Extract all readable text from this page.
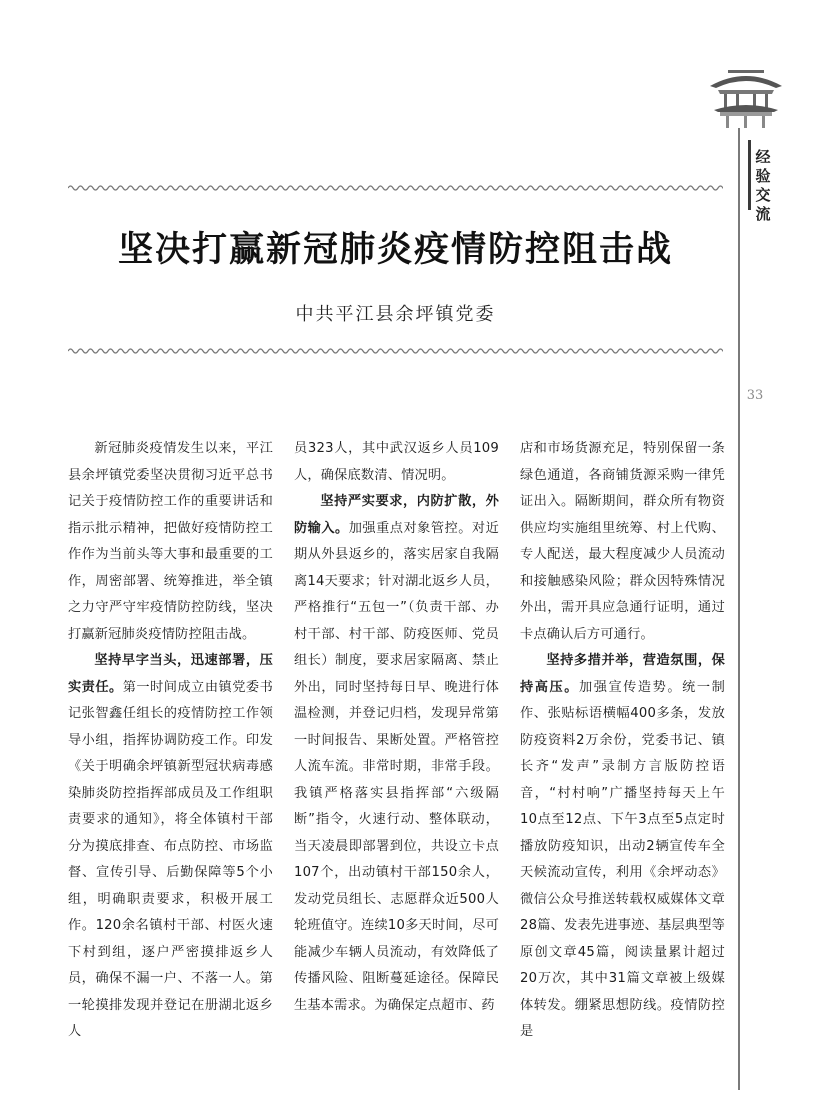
坚决打赢新冠肺炎疫情防控阻击战
中共平江县余坪镇党委
经验交流
33

新冠肺炎疫情发生以来，平江县余坪镇党委坚决贯彻习近平总书记关于疫情防控工作的重要讲话和指示批示精神，把做好疫情防控工作作为当前头等大事和最重要的工作，周密部署、统筹推进，举全镇之力守严守牢疫情防控防线，坚决打赢新冠肺炎疫情防控阻击战。

坚持早字当头，迅速部署，压实责任。第一时间成立由镇党委书记张智鑫任组长的疫情防控工作领导小组，指挥协调防疫工作。印发《关于明确余坪镇新型冠状病毒感染肺炎防控指挥部成员及工作组职责要求的通知》，将全体镇村干部分为摸底排查、布点防控、市场监督、宣传引导、后勤保障等5个小组，明确职责要求，积极开展工作。120余名镇村干部、村医火速下村到组，逐户严密摸排返乡人员，确保不漏一户、不落一人。第一轮摸排发现并登记在册湖北返乡人

员323人，其中武汉返乡人员109人，确保底数清、情况明。

坚持严实要求，内防扩散，外防输入。加强重点对象管控。对近期从外县返乡的，落实居家自我隔离14天要求；针对湖北返乡人员，严格推行“五包一”（负责干部、办村干部、村干部、防疫医师、党员组长）制度，要求居家隔离、禁止外出，同时坚持每日早、晚进行体温检测，并登记归档，发现异常第一时间报告、果断处置。严格管控人流车流。非常时期，非常手段。我镇严格落实县指挥部“六级隔断”指令，火速行动、整体联动，当天凌晨即部署到位，共设立卡点107个，出动镇村干部150余人，发动党员组长、志愿群众近500人轮班值守。连续10多天时间，尽可能减少车辆人员流动，有效降低了传播风险、阻断蔓延途径。保障民生基本需求。为确保定点超市、药

店和市场货源充足，特别保留一条绿色通道，各商铺货源采购一律凭证出入。隔断期间，群众所有物资供应均实施组里统筹、村上代购、专人配送，最大程度减少人员流动和接触感染风险；群众因特殊情况外出，需开具应急通行证明，通过卡点确认后方可通行。

坚持多措并举，营造氛围，保持高压。加强宣传造势。统一制作、张贴标语横幅400多条，发放防疫资料2万余份，党委书记、镇长齐“发声”录制方言版防控语音，“村村响”广播坚持每天上午10点至12点、下午3点至5点定时播放防疫知识，出动2辆宣传车全天候流动宣传，利用《余坪动态》微信公众号推送转载权威媒体文章28篇、发表先进事迹、基层典型等原创文章45篇，阅读量累计超过20万次，其中31篇文章被上级媒体转发。绷紧思想防线。疫情防控是
